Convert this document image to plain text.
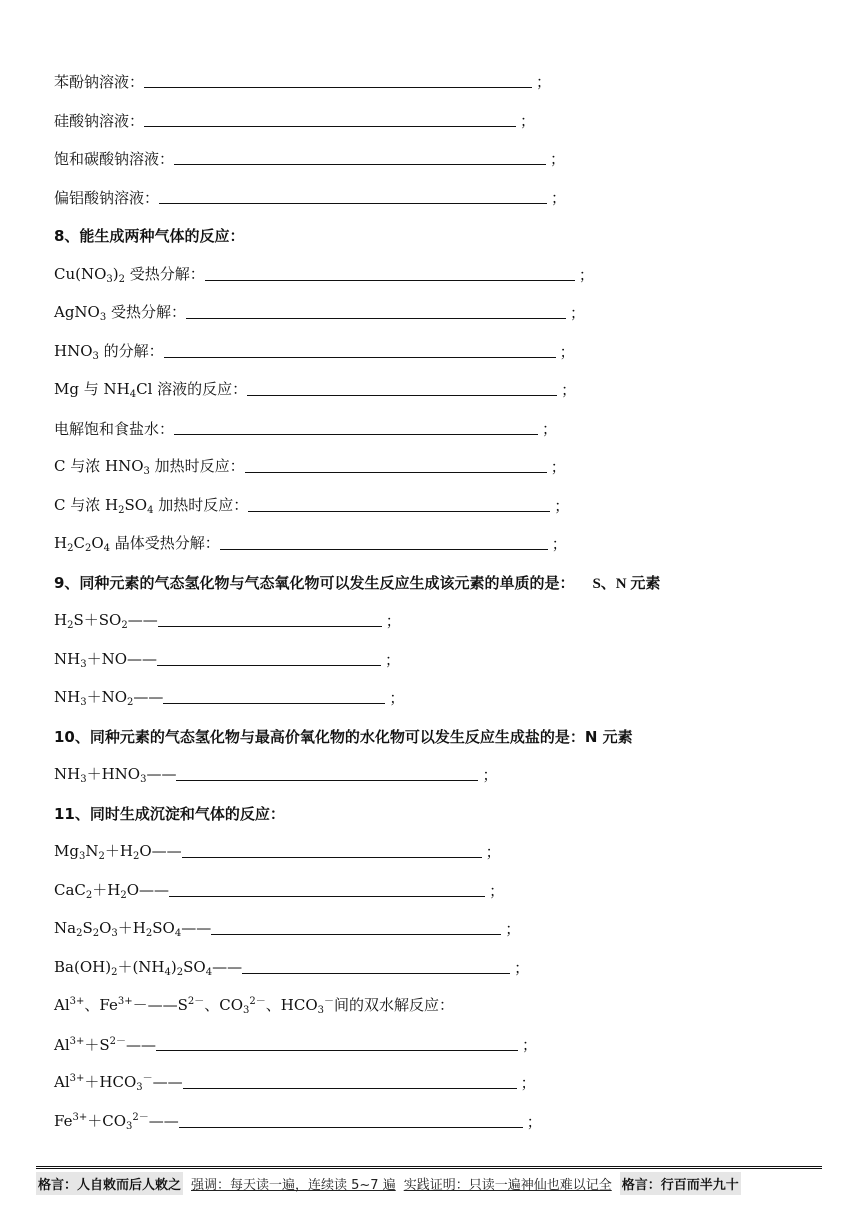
苯酚钠溶液：	；
硅酸钠溶液：	；
饱和碳酸钠溶液：	；
偏铝酸钠溶液：	；
8、能生成两种气体的反应：
$Cu(NO_3)_2$ 受热分解：	；
AgNO$_3$ 受热分解：	；
$HNO_3$ 的分解：	；
Mg 与 $NH_4Cl$ 溶液的反应：	；
电解饱和食盐水：	；
C 与浓 $HNO_3$ 加热时反应：	；
C 与浓 $H_2SO_4$ 加热时反应：	；
$H_2C_2O_4$ 晶体受热分解：	；
9、同种元素的气态氢化物与气态氧化物可以发生反应生成该元素的单质的是： S、N 元素
$H_2S+SO_2——$	；
$NH_3+NO——$	；
$NH_3+NO_2——$	；
10、同种元素的气态氢化物与最高价氧化物的水化物可以发生反应生成盐的是：N 元素
$NH_3+HNO_3——$	；
11、同时生成沉淀和气体的反应：
$Mg_3N_2+H_2O——$	；
$CaC_2+H_2O——$	；
$Na_2S_2O_3+H_2SO_4——$	；
$Ba(OH)_2+(NH_4)_2SO_4——$	；
$Al^{3+}$、$Fe^{3+}-——S^{2-}$、$CO_3^{2-}$、$HCO_3^-$间的双水解反应：
$Al^{3+}+S^{2-}——$	；
$Al^{3+}+HCO_3^-——$	；
$Fe^{3+}+CO_3^{2-}——$	；
格言：人自敕而后人敕之 强调：每天读一遍，连续读 5~7 遍 实践证明：只读一遍神仙也难以记全 格言：行百而半九十
